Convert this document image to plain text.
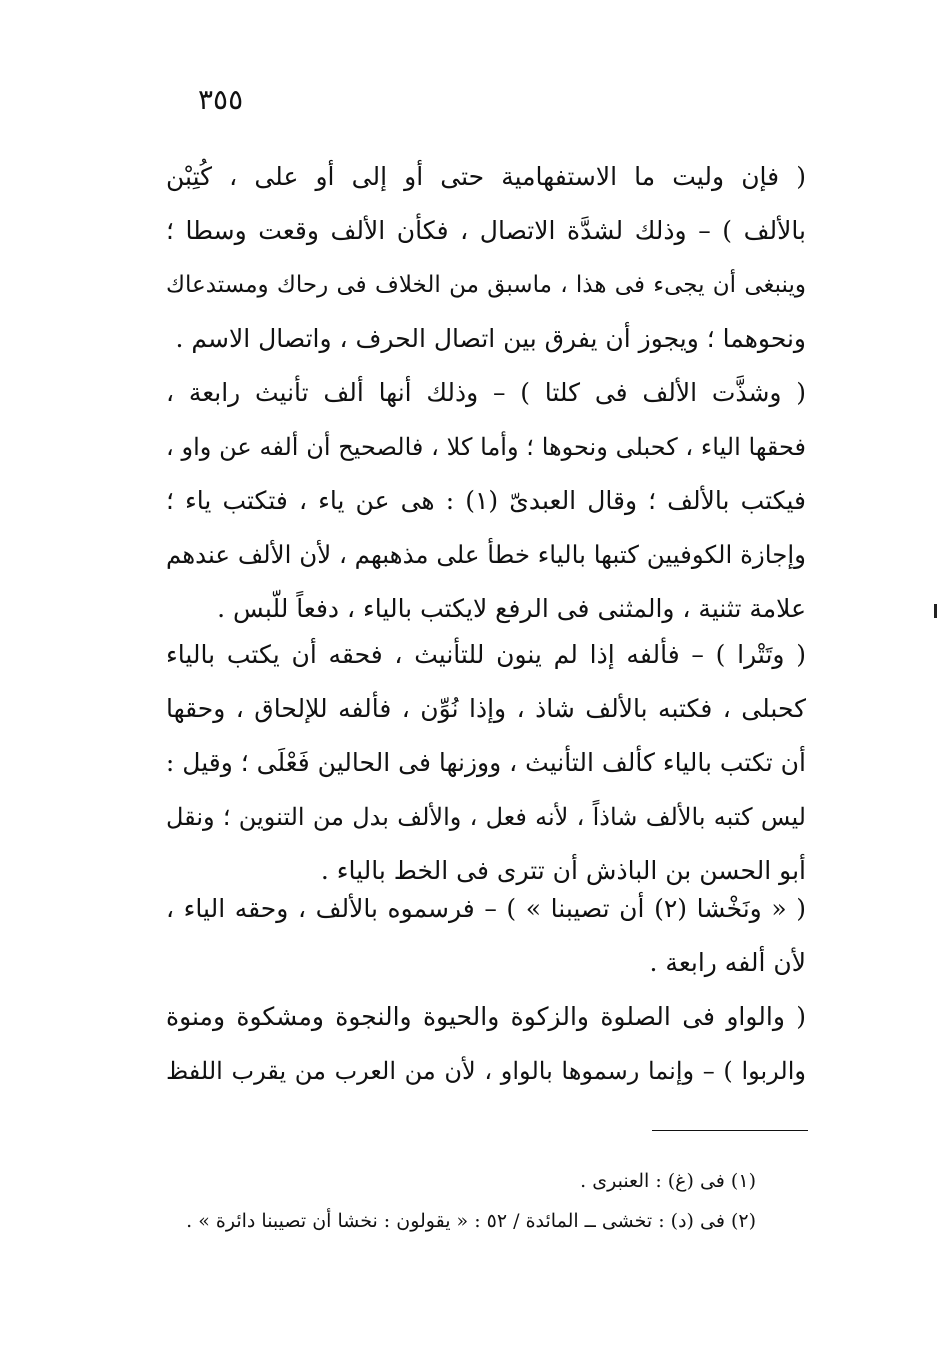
٣٥٥
( فإن وليت ما الاستفهامية حتى أو إلى أو على ، كُتِبْن
بالألف ) – وذلك لشدَّة الاتصال ، فكأن الألف وقعت وسطا ؛
وينبغى أن يجىء فى هذا ، ماسبق من الخلاف فى رحاك ومستدعاك
ونحوهما ؛ ويجوز أن يفرق بين اتصال الحرف ، واتصال الاسم .
( وشذَّت الألف فى كلتا ) – وذلك أنها ألف تأنيث رابعة ،
فحقها الياء ، كحبلى ونحوها ؛ وأما كلا ، فالصحيح أن ألفه عن واو ،
فيكتب بالألف ؛ وقال العبدىّ (١) : هى عن ياء ، فتكتب ياء ؛
وإجازة الكوفيين كتبها بالياء خطأ على مذهبهم ، لأن الألف عندهم
علامة تثنية ، والمثنى فى الرفع لايكتب بالياء ، دفعاً للّبس .
( وتَتْرا ) – فألفه إذا لم ينون للتأنيث ، فحقه أن يكتب بالياء
كحبلى ، فكتبه بالألف شاذ ، وإذا نُوِّن ، فألفه للإلحاق ، وحقها
أن تكتب بالياء كألف التأنيث ، ووزنها فى الحالين فَعْلَى ؛ وقيل :
ليس كتبه بالألف شاذاً ، لأنه فعل ، والألف بدل من التنوين ؛ ونقل
أبو الحسن بن الباذش أن تترى فى الخط بالياء .
( « ونَخْشا (٢) أن تصيبنا » ) – فرسموه بالألف ، وحقه الياء ،
لأن ألفه رابعة .
( والواو فى الصلوة والزكوة والحيوة والنجوة ومشكوة ومنوة
والربوا ) – وإنما رسموها بالواو ، لأن من العرب من يقرب اللفظ
(١) فى (غ) : العنبرى .
(٢) فى (د) : تخشى ــ المائدة / ٥٢ : « يقولون : نخشا أن تصيبنا دائرة » .
